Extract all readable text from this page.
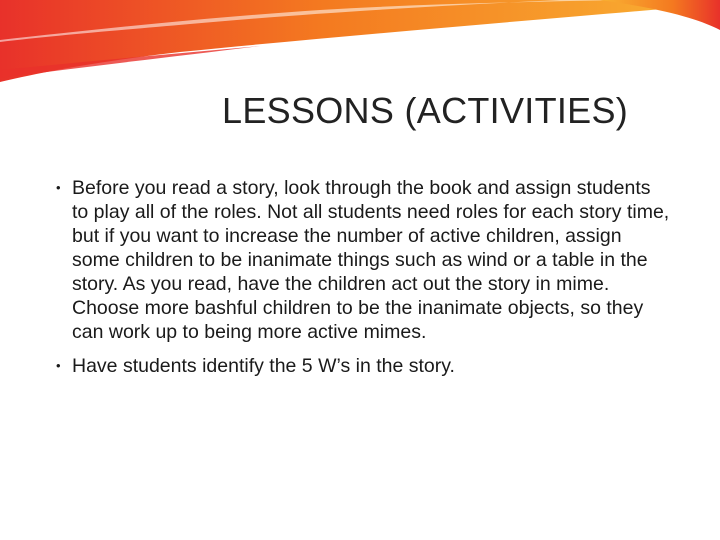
LESSONS (ACTIVITIES)
• Before you read a story, look through the book and assign students to play all of the roles. Not all students need roles for each story time, but if you want to increase the number of active children, assign some children to be inanimate things such as wind or a table in the story. As you read, have the children act out the story in mime. Choose more bashful children to be the inanimate objects, so they can work up to being more active mimes.
• Have students identify the 5 W’s in the story.
